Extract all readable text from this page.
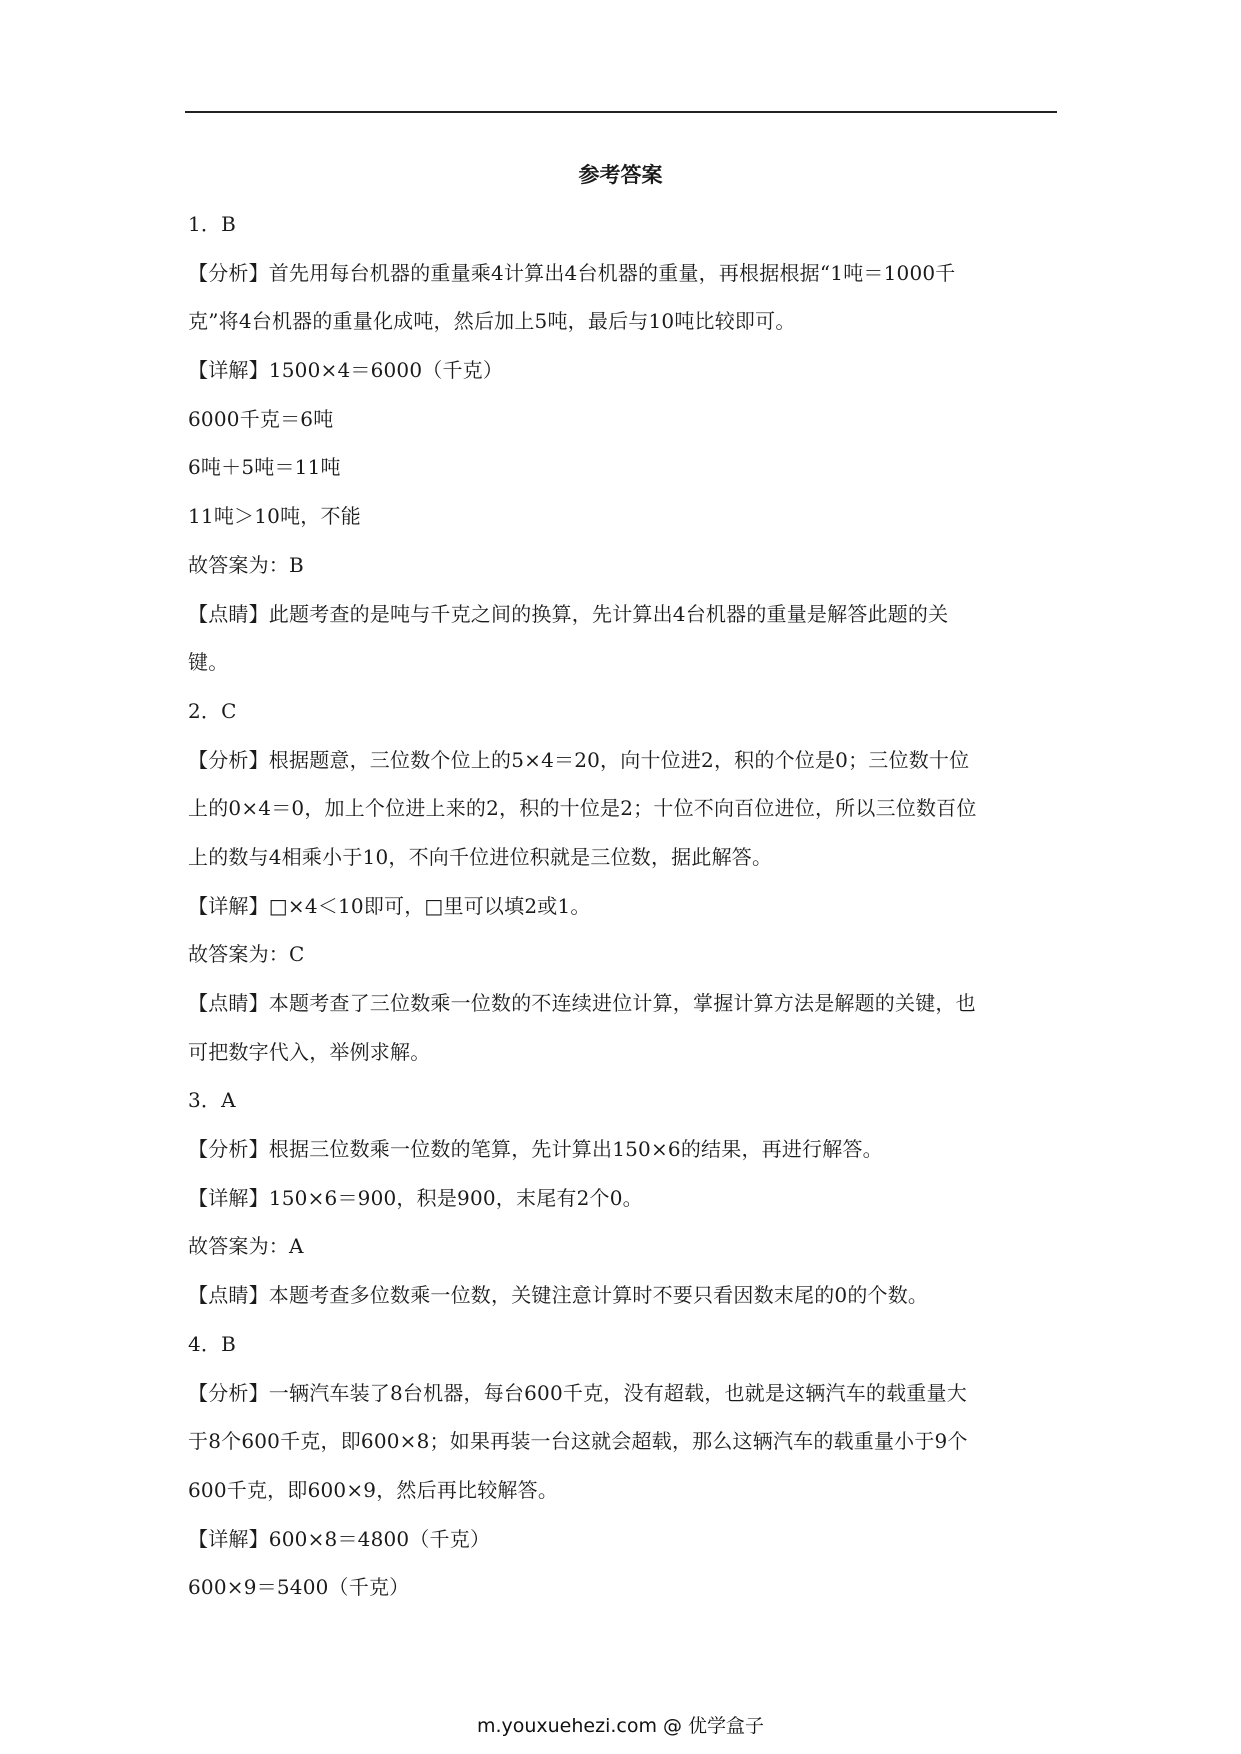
参考答案
1．B
【分析】首先用每台机器的重量乘4计算出4台机器的重量，再根据根据“1吨＝1000千
克”将4台机器的重量化成吨，然后加上5吨，最后与10吨比较即可。
【详解】1500×4＝6000（千克）
6000千克＝6吨
6吨＋5吨＝11吨
11吨＞10吨，不能
故答案为：B
【点睛】此题考查的是吨与千克之间的换算，先计算出4台机器的重量是解答此题的关
键。
2．C
【分析】根据题意，三位数个位上的5×4＝20，向十位进2，积的个位是0；三位数十位
上的0×4＝0，加上个位进上来的2，积的十位是2；十位不向百位进位，所以三位数百位
上的数与4相乘小于10，不向千位进位积就是三位数，据此解答。
【详解】□×4＜10即可，□里可以填2或1。
故答案为：C
【点睛】本题考查了三位数乘一位数的不连续进位计算，掌握计算方法是解题的关键，也
可把数字代入，举例求解。
3．A
【分析】根据三位数乘一位数的笔算，先计算出150×6的结果，再进行解答。
【详解】150×6＝900，积是900，末尾有2个0。
故答案为：A
【点睛】本题考查多位数乘一位数，关键注意计算时不要只看因数末尾的0的个数。
4．B
【分析】一辆汽车装了8台机器，每台600千克，没有超载，也就是这辆汽车的载重量大
于8个600千克，即600×8；如果再装一台这就会超载，那么这辆汽车的载重量小于9个
600千克，即600×9，然后再比较解答。
【详解】600×8＝4800（千克）
600×9＝5400（千克）
m.youxuehezi.com @ 优学盒子
